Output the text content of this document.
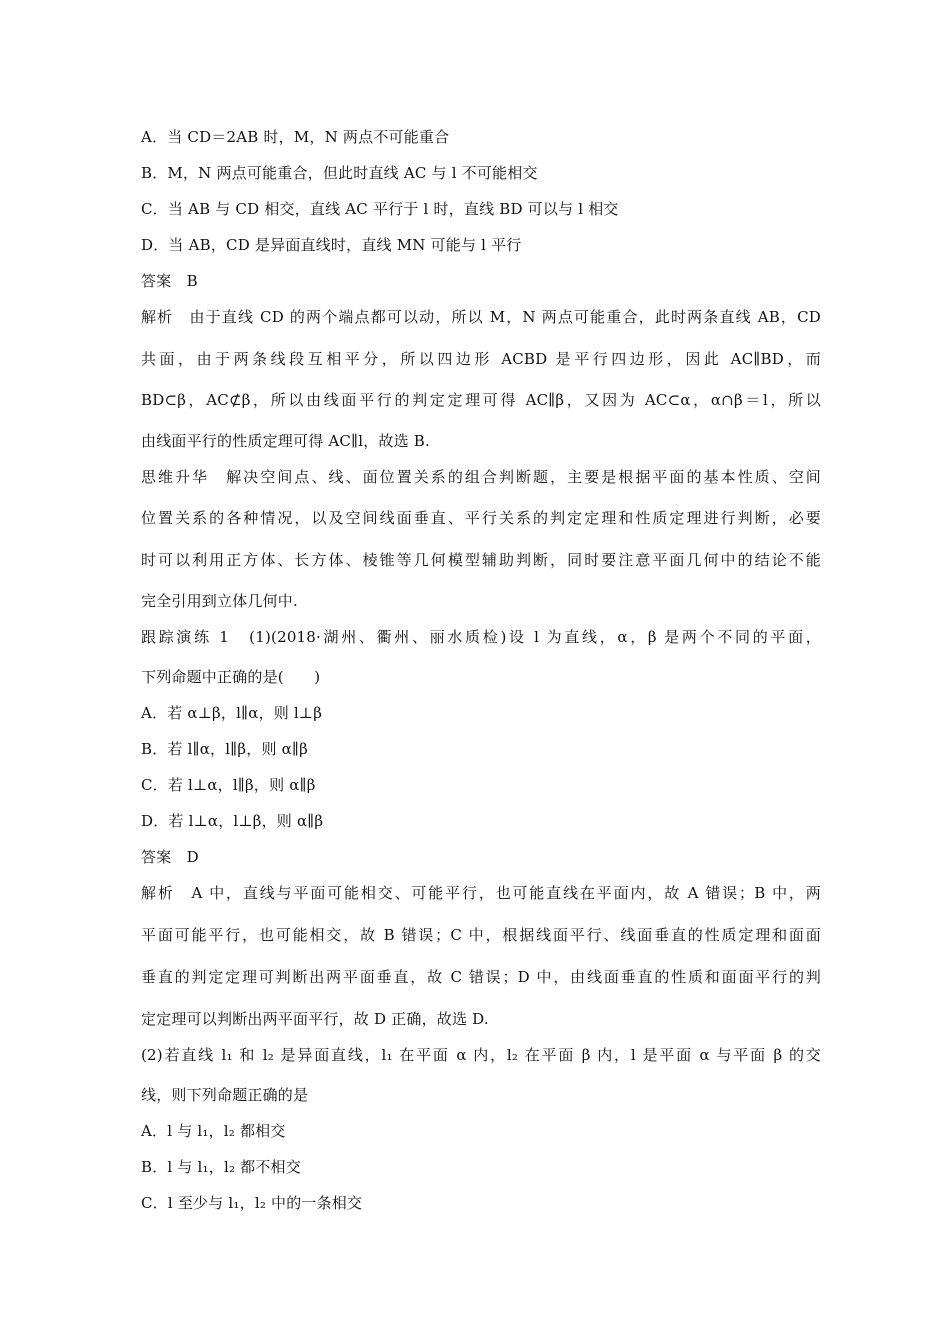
A．当 CD＝2AB 时，M，N 两点不可能重合
B．M，N 两点可能重合，但此时直线 AC 与 l 不可能相交
C．当 AB 与 CD 相交，直线 AC 平行于 l 时，直线 BD 可以与 l 相交
D．当 AB，CD 是异面直线时，直线 MN 可能与 l 平行
答案　B
解析　由于直线 CD 的两个端点都可以动，所以 M，N 两点可能重合，此时两条直线 AB，CD
共面，由于两条线段互相平分，所以四边形 ACBD 是平行四边形，因此 AC∥BD，而
BD⊂β，AC⊄β，所以由线面平行的判定定理可得 AC∥β，又因为 AC⊂α，α∩β＝l，所以
由线面平行的性质定理可得 AC∥l，故选 B.
思维升华　解决空间点、线、面位置关系的组合判断题，主要是根据平面的基本性质、空间
位置关系的各种情况，以及空间线面垂直、平行关系的判定定理和性质定理进行判断，必要
时可以利用正方体、长方体、棱锥等几何模型辅助判断，同时要注意平面几何中的结论不能
完全引用到立体几何中.
跟踪演练 1　(1)(2018·湖州、衢州、丽水质检)设 l 为直线，α，β 是两个不同的平面，
下列命题中正确的是(　　)
A．若 α⊥β，l∥α，则 l⊥β
B．若 l∥α，l∥β，则 α∥β
C．若 l⊥α，l∥β，则 α∥β
D．若 l⊥α，l⊥β，则 α∥β
答案　D
解析　A 中，直线与平面可能相交、可能平行，也可能直线在平面内，故 A 错误；B 中，两
平面可能平行，也可能相交，故 B 错误；C 中，根据线面平行、线面垂直的性质定理和面面
垂直的判定定理可判断出两平面垂直，故 C 错误；D 中，由线面垂直的性质和面面平行的判
定定理可以判断出两平面平行，故 D 正确，故选 D.
(2)若直线 l₁ 和 l₂ 是异面直线，l₁ 在平面 α 内，l₂ 在平面 β 内，l 是平面 α 与平面 β 的交
线，则下列命题正确的是
A．l 与 l₁，l₂ 都相交
B．l 与 l₁，l₂ 都不相交
C．l 至少与 l₁，l₂ 中的一条相交
